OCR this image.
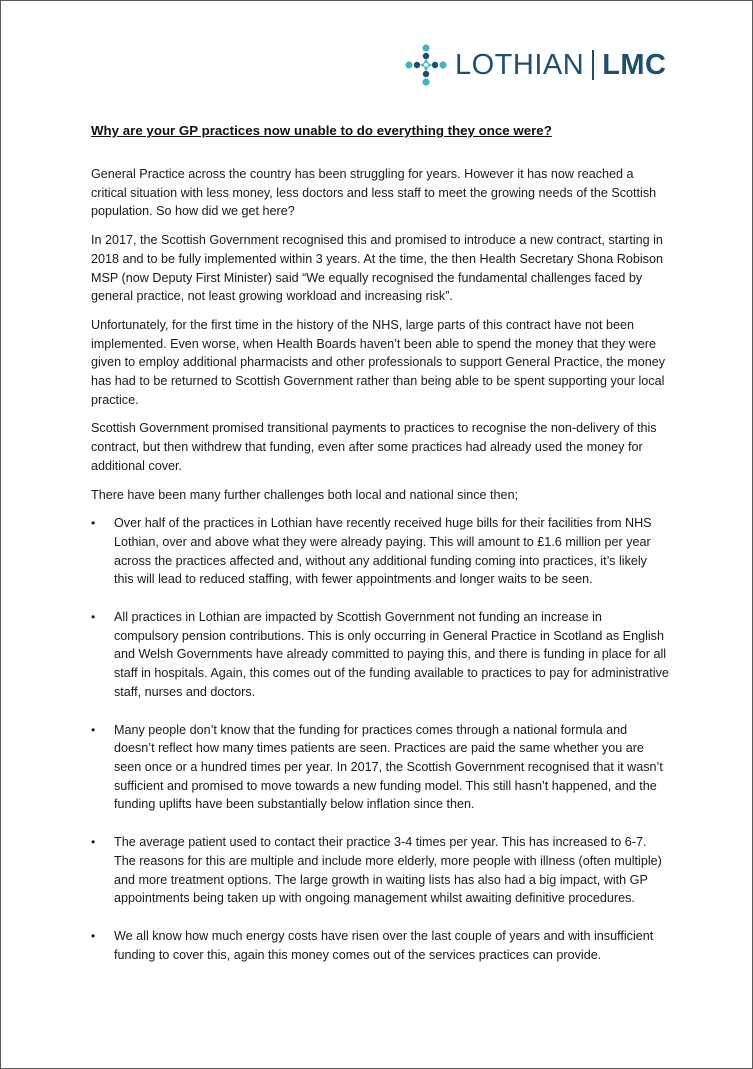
LOTHIAN LMC
Why are your GP practices now unable to do everything they once were?

General Practice across the country has been struggling for years. However it has now reached a critical situation with less money, less doctors and less staff to meet the growing needs of the Scottish population. So how did we get here?

In 2017, the Scottish Government recognised this and promised to introduce a new contract, starting in 2018 and to be fully implemented within 3 years. At the time, the then Health Secretary Shona Robison MSP (now Deputy First Minister) said “We equally recognised the fundamental challenges faced by general practice, not least growing workload and increasing risk”.

Unfortunately, for the first time in the history of the NHS, large parts of this contract have not been implemented. Even worse, when Health Boards haven’t been able to spend the money that they were given to employ additional pharmacists and other professionals to support General Practice, the money has had to be returned to Scottish Government rather than being able to be spent supporting your local practice.

Scottish Government promised transitional payments to practices to recognise the non-delivery of this contract, but then withdrew that funding, even after some practices had already used the money for additional cover.

There have been many further challenges both local and national since then;

• Over half of the practices in Lothian have recently received huge bills for their facilities from NHS Lothian, over and above what they were already paying. This will amount to £1.6 million per year across the practices affected and, without any additional funding coming into practices, it’s likely this will lead to reduced staffing, with fewer appointments and longer waits to be seen.
• All practices in Lothian are impacted by Scottish Government not funding an increase in compulsory pension contributions. This is only occurring in General Practice in Scotland as English and Welsh Governments have already committed to paying this, and there is funding in place for all staff in hospitals. Again, this comes out of the funding available to practices to pay for administrative staff, nurses and doctors.
• Many people don’t know that the funding for practices comes through a national formula and doesn’t reflect how many times patients are seen. Practices are paid the same whether you are seen once or a hundred times per year. In 2017, the Scottish Government recognised that it wasn’t sufficient and promised to move towards a new funding model. This still hasn’t happened, and the funding uplifts have been substantially below inflation since then.
• The average patient used to contact their practice 3-4 times per year. This has increased to 6-7. The reasons for this are multiple and include more elderly, more people with illness (often multiple) and more treatment options. The large growth in waiting lists has also had a big impact, with GP appointments being taken up with ongoing management whilst awaiting definitive procedures.
• We all know how much energy costs have risen over the last couple of years and with insufficient funding to cover this, again this money comes out of the services practices can provide.
